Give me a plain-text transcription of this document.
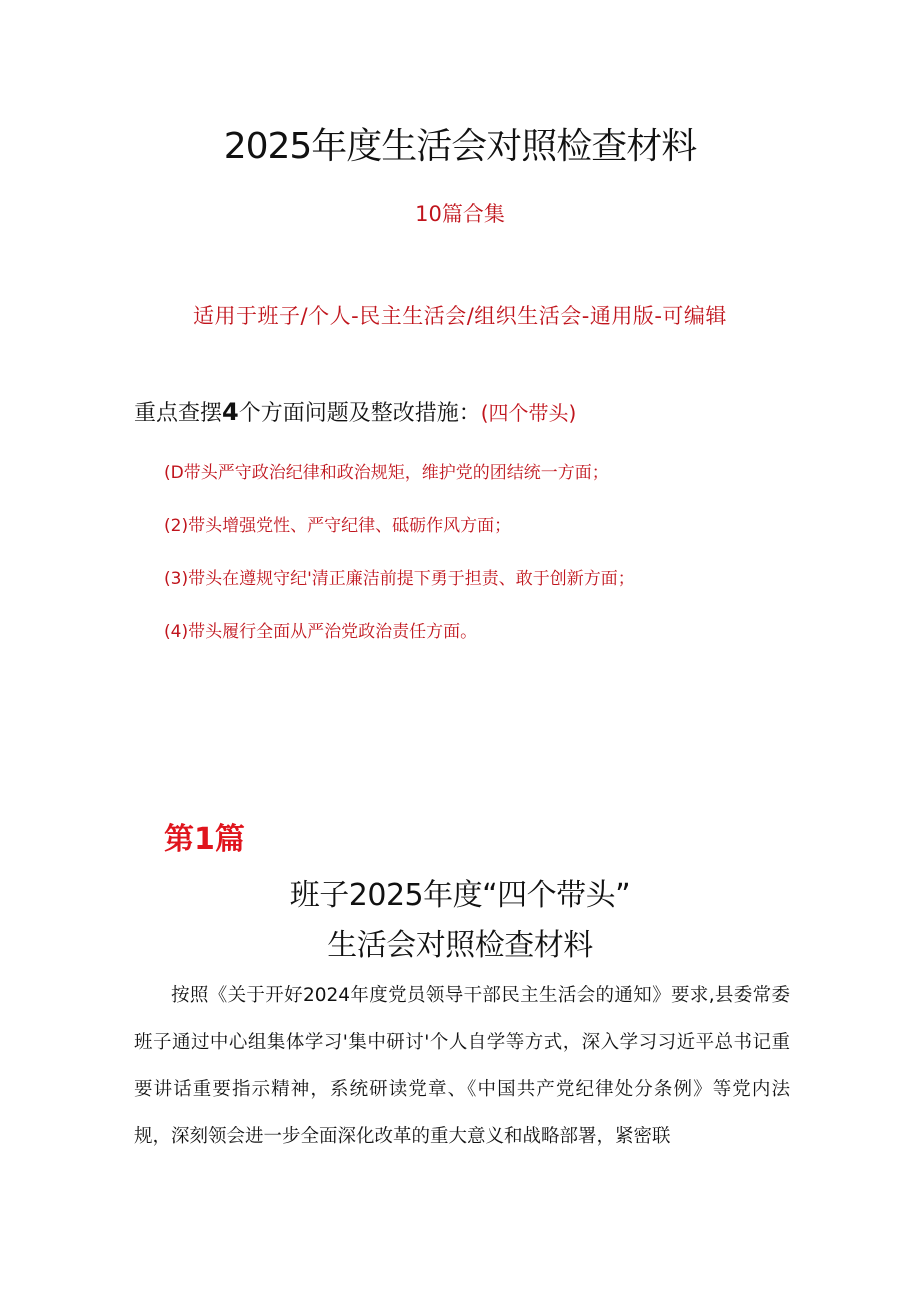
2025年度生活会对照检查材料
10篇合集
适用于班子/个人-民主生活会/组织生活会-通用版-可编辑
重点查摆4个方面问题及整改措施：(四个带头)
(D带头严守政治纪律和政治规矩，维护党的团结统一方面；
(2)带头增强党性、严守纪律、砥砺作风方面；
(3)带头在遵规守纪'清正廉洁前提下勇于担责、敢于创新方面；
(4)带头履行全面从严治党政治责任方面。
第1篇
班子2025年度“四个带头”
生活会对照检查材料
按照《关于开好2024年度党员领导干部民主生活会的通知》要求,县委常委班子通过中心组集体学习'集中研讨'个人自学等方式，深入学习习近平总书记重要讲话重要指示精神，系统研读党章、《中国共产党纪律处分条例》等党内法规，深刻领会进一步全面深化改革的重大意义和战略部署，紧密联
